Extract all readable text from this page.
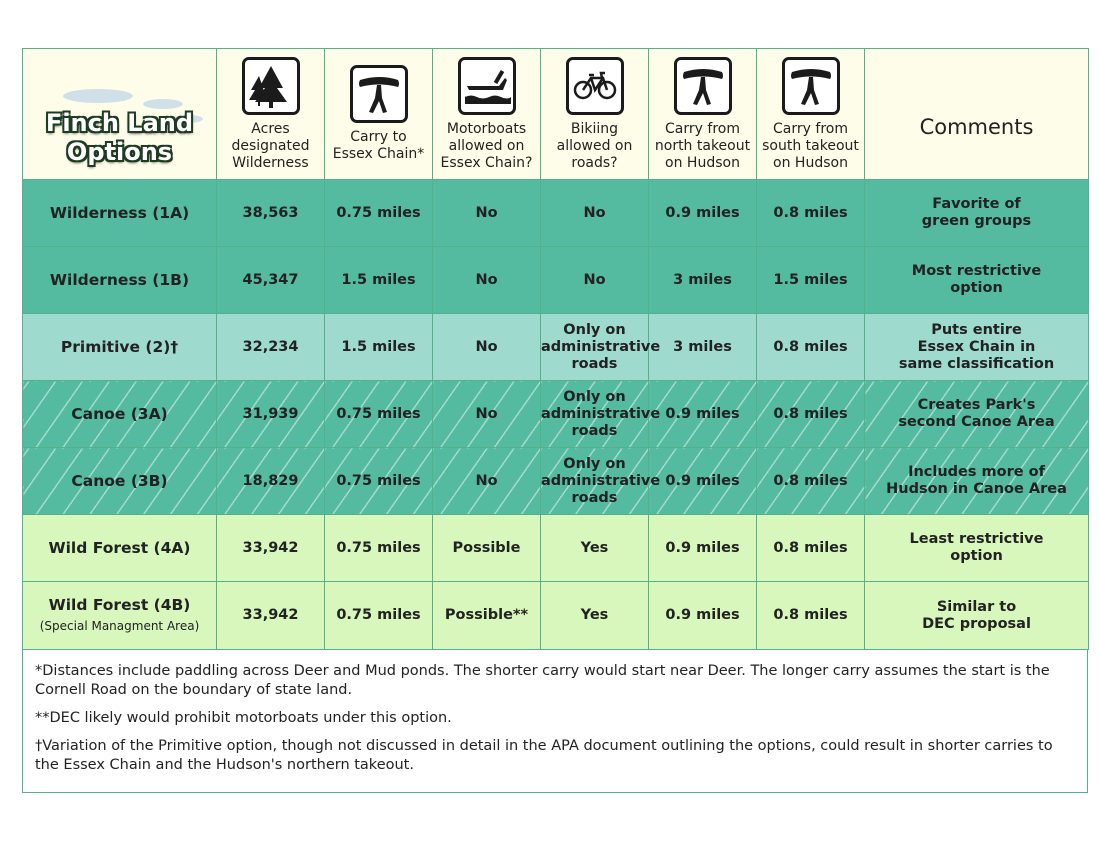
Finch Land
Options	Acres
designated
Wilderness	Carry to
Essex Chain*	Motorboats
allowed on
Essex Chain?	Bikiing
allowed on
roads?	Carry from
north takeout
on Hudson	Carry from
south takeout
on Hudson	Comments

Wilderness (1A)	38,563	0.75 miles	No	No	0.9 miles	0.8 miles	Favorite of
green groups
Wilderness (1B)	45,347	1.5 miles	No	No	3 miles	1.5 miles	Most restrictive
option
Primitive (2)†	32,234	1.5 miles	No	Only on
administrative
roads	3 miles	0.8 miles	Puts entire
Essex Chain in
same classification
Canoe (3A)	31,939	0.75 miles	No	Only on
administrative
roads	0.9 miles	0.8 miles	Creates Park's
second Canoe Area
Canoe (3B)	18,829	0.75 miles	No	Only on
administrative
roads	0.9 miles	0.8 miles	Includes more of
Hudson in Canoe Area
Wild Forest (4A)	33,942	0.75 miles	Possible	Yes	0.9 miles	0.8 miles	Least restrictive
option
Wild Forest (4B)
(Special Managment Area)	33,942	0.75 miles	Possible**	Yes	0.9 miles	0.8 miles	Similar to
DEC proposal

*Distances include paddling across Deer and Mud ponds. The shorter carry would start near Deer. The longer carry assumes the start is the Cornell Road on the boundary of state land.

**DEC likely would prohibit motorboats under this option.

†Variation of the Primitive option, though not discussed in detail in the APA document outlining the options, could result in shorter carries to the Essex Chain and the Hudson's northern takeout.
